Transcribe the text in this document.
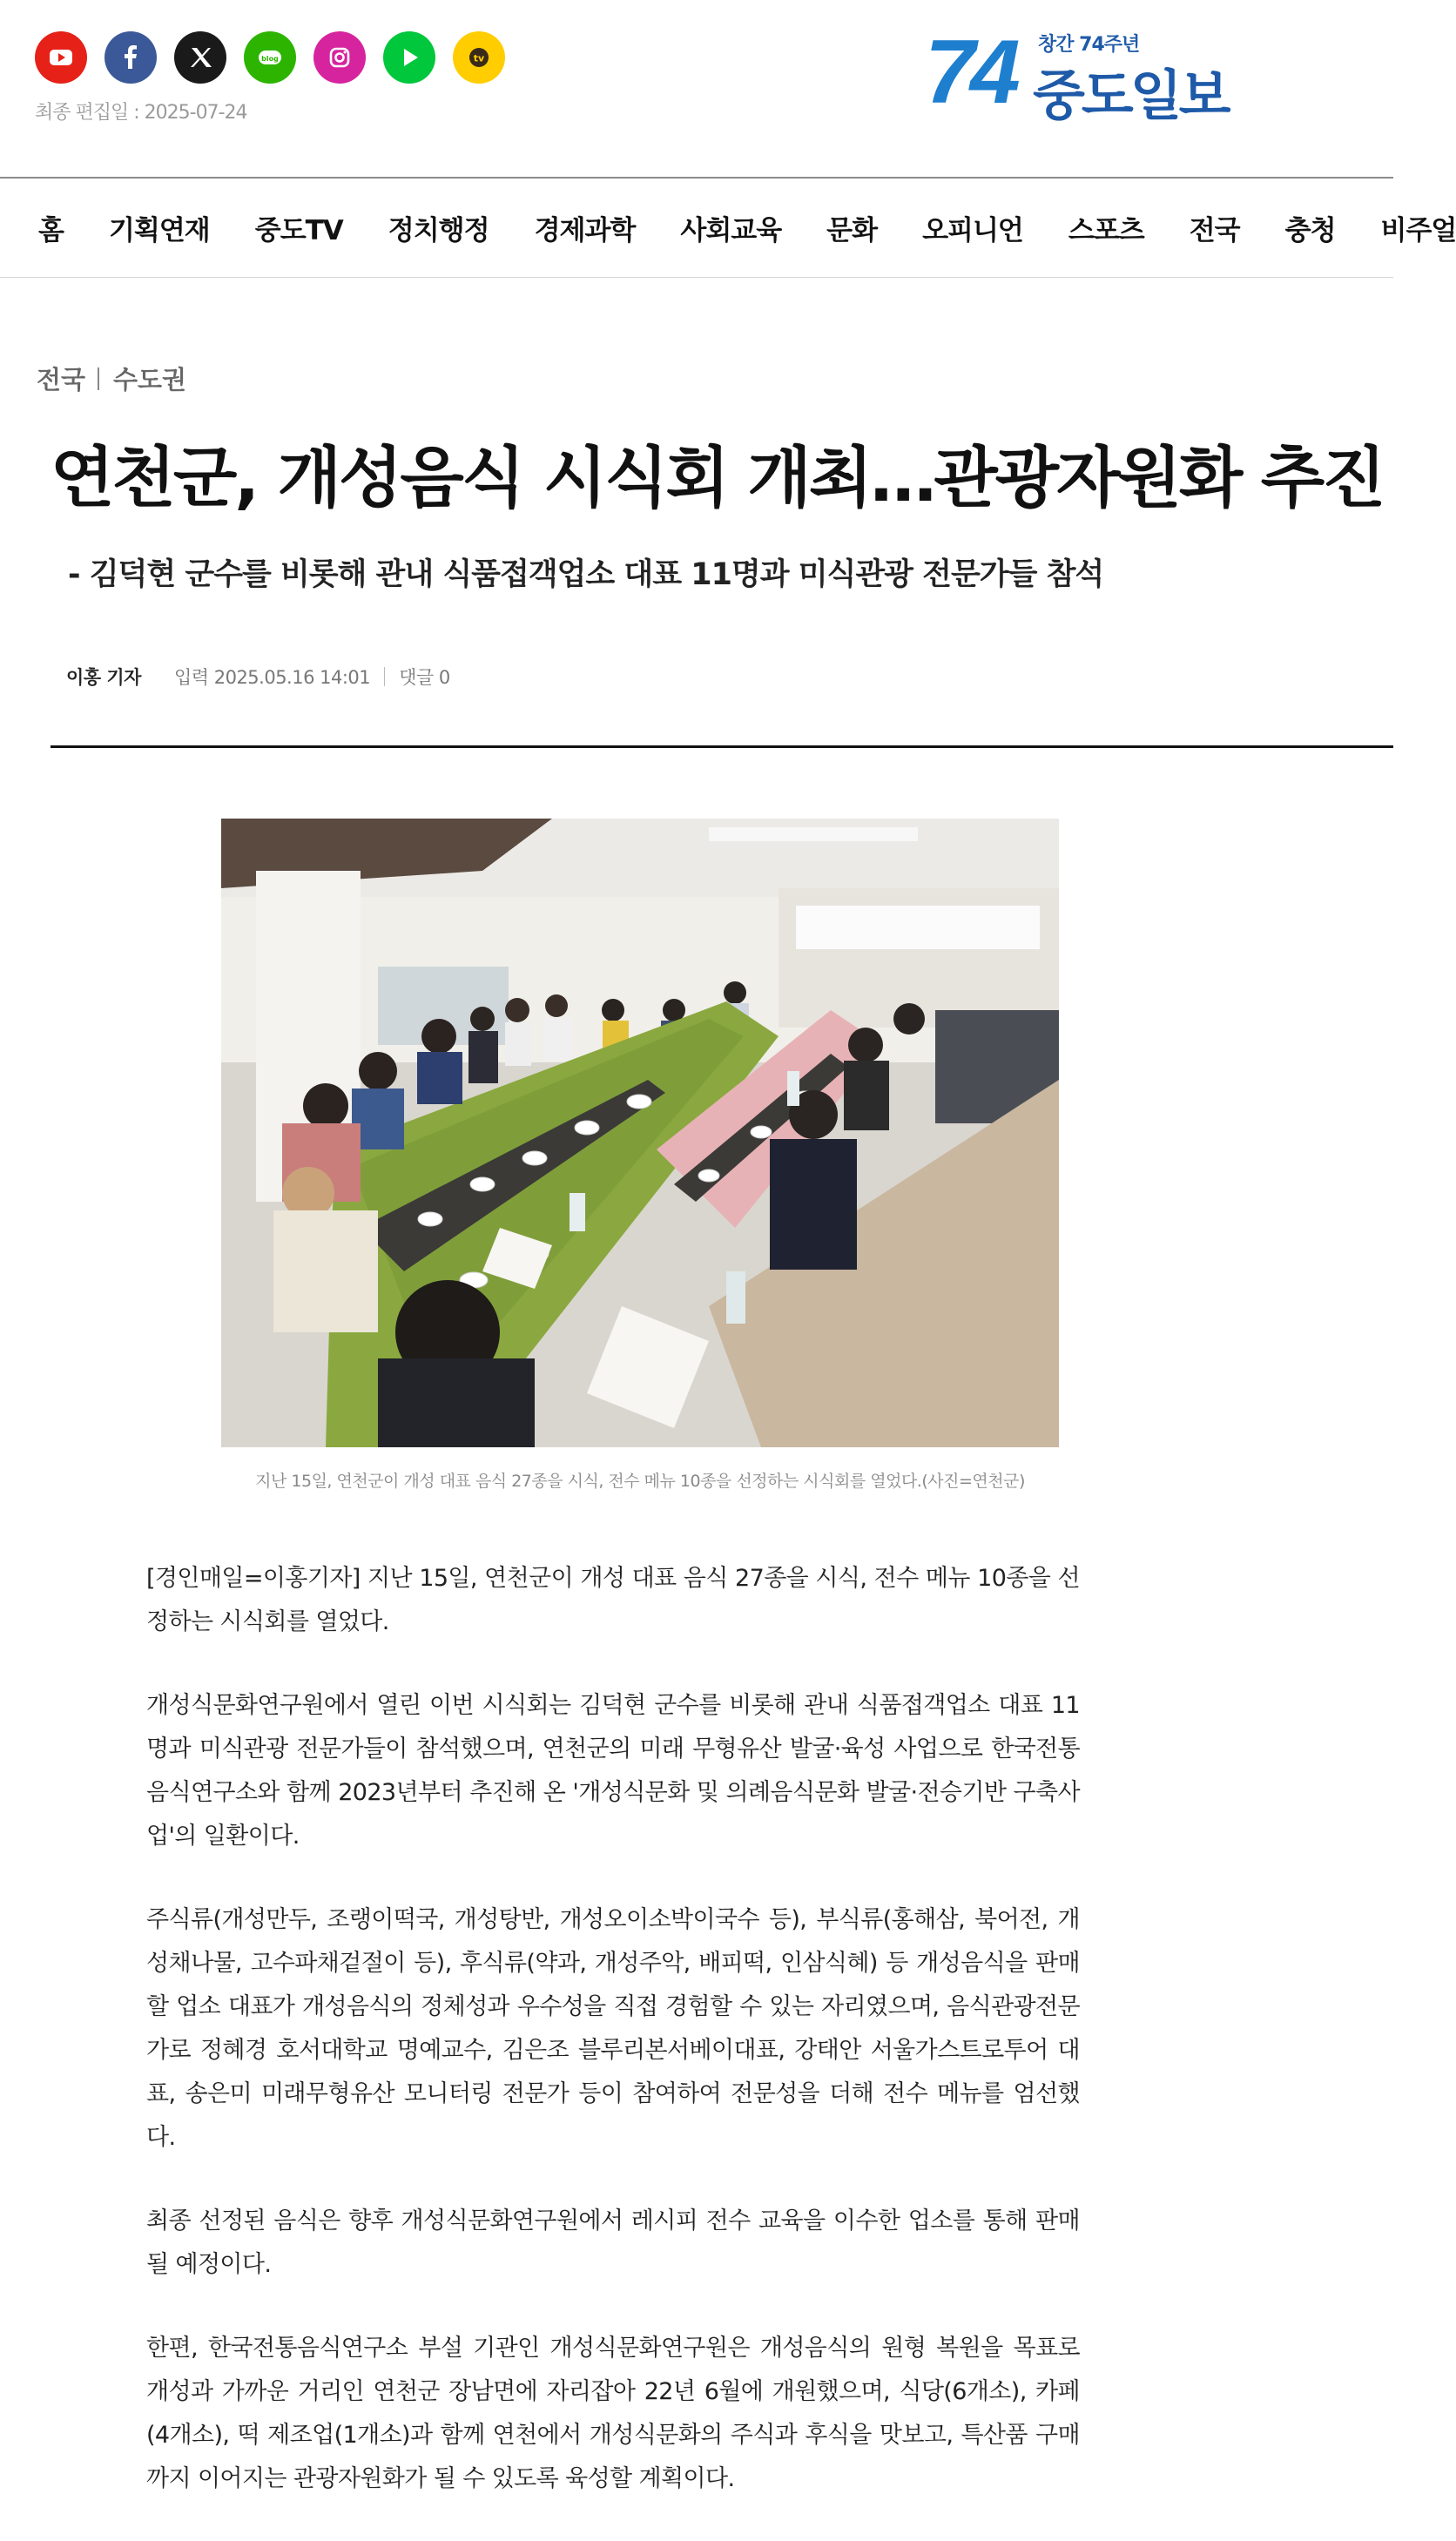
blog	tv
최종 편집일 : 2025-07-24	74 창간 74주년
중도일보
홈 기획연재 중도TV 정치행정 경제과학 사회교육 문화 오피니언 스포츠 전국 충청 비주얼
전국 수도권
연천군, 개성음식 시식회 개최…관광자원화 추진
- 김덕현 군수를 비롯해 관내 식품접객업소 대표 11명과 미식관광 전문가들 참석
이홍 기자 입력 2025.05.16 14:01 댓글 0
지난 15일, 연천군이 개성 대표 음식 27종을 시식, 전수 메뉴 10종을 선정하는 시식회를 열었다.(사진=연천군)

[경인매일=이홍기자] 지난 15일, 연천군이 개성 대표 음식 27종을 시식, 전수 메뉴 10종을 선정하는 시식회를 열었다.

개성식문화연구원에서 열린 이번 시식회는 김덕현 군수를 비롯해 관내 식품접객업소 대표 11명과 미식관광 전문가들이 참석했으며, 연천군의 미래 무형유산 발굴·육성 사업으로 한국전통음식연구소와 함께 2023년부터 추진해 온 '개성식문화 및 의례음식문화 발굴·전승기반 구축사업'의 일환이다.

주식류(개성만두, 조랭이떡국, 개성탕반, 개성오이소박이국수 등), 부식류(홍해삼, 북어전, 개성채나물, 고수파채겉절이 등), 후식류(약과, 개성주악, 배피떡, 인삼식혜) 등 개성음식을 판매할 업소 대표가 개성음식의 정체성과 우수성을 직접 경험할 수 있는 자리였으며, 음식관광전문가로 정혜경 호서대학교 명예교수, 김은조 블루리본서베이대표, 강태안 서울가스트로투어 대표, 송은미 미래무형유산 모니터링 전문가 등이 참여하여 전문성을 더해 전수 메뉴를 엄선했다.

최종 선정된 음식은 향후 개성식문화연구원에서 레시피 전수 교육을 이수한 업소를 통해 판매될 예정이다.

한편, 한국전통음식연구소 부설 기관인 개성식문화연구원은 개성음식의 원형 복원을 목표로 개성과 가까운 거리인 연천군 장남면에 자리잡아 22년 6월에 개원했으며, 식당(6개소), 카페(4개소), 떡 제조업(1개소)과 함께 연천에서 개성식문화의 주식과 후식을 맛보고, 특산품 구매까지 이어지는 관광자원화가 될 수 있도록 육성할 계획이다.
